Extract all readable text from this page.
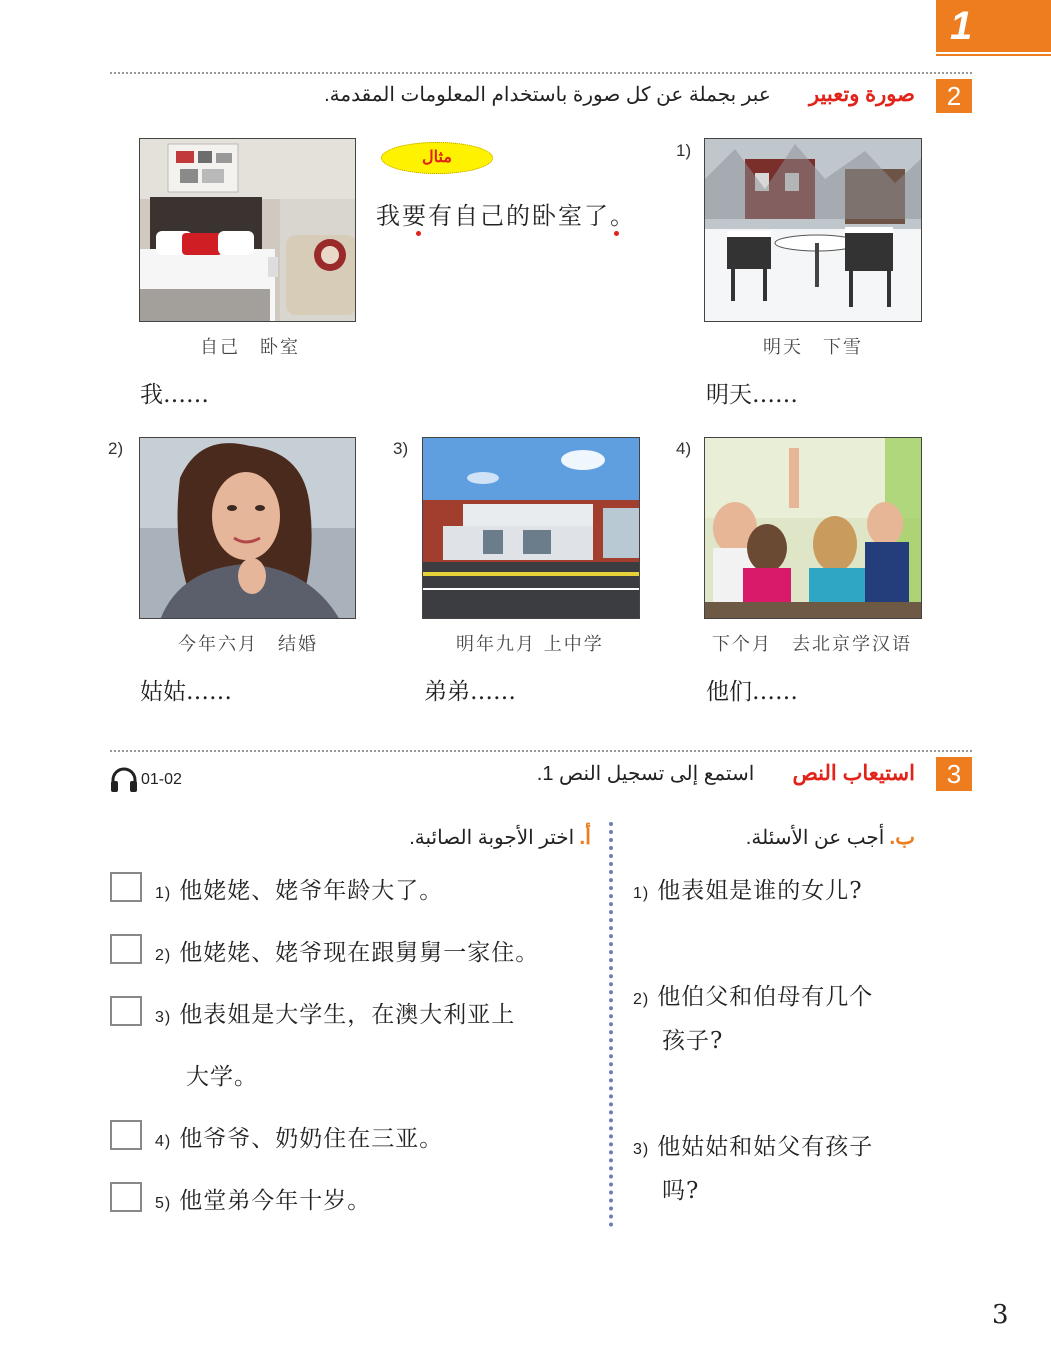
1
2
صورة وتعبير  عبر بجملة عن كل صورة باستخدام المعلومات المقدمة.
自己　卧室
我……
مثال
我要有自己的卧室了。
1)
明天　下雪
明天……
2)
今年六月　结婚
姑姑……
3)
明年九月 上中学
弟弟……
4)
下个月　去北京学汉语
他们……
3
استيعاب النص  استمع إلى تسجيل النص 1.
01-02
أ. اختر الأجوبة الصائبة.	ب. أجب عن الأسئلة.
1) 他姥姥、姥爷年龄大了。
2) 他姥姥、姥爷现在跟舅舅一家住。
3) 他表姐是大学生，在澳大利亚上
大学。
4) 他爷爷、奶奶住在三亚。
5) 他堂弟今年十岁。
1) 他表姐是谁的女儿?
2) 他伯父和伯母有几个
孩子?
3) 他姑姑和姑父有孩子
吗?
3
